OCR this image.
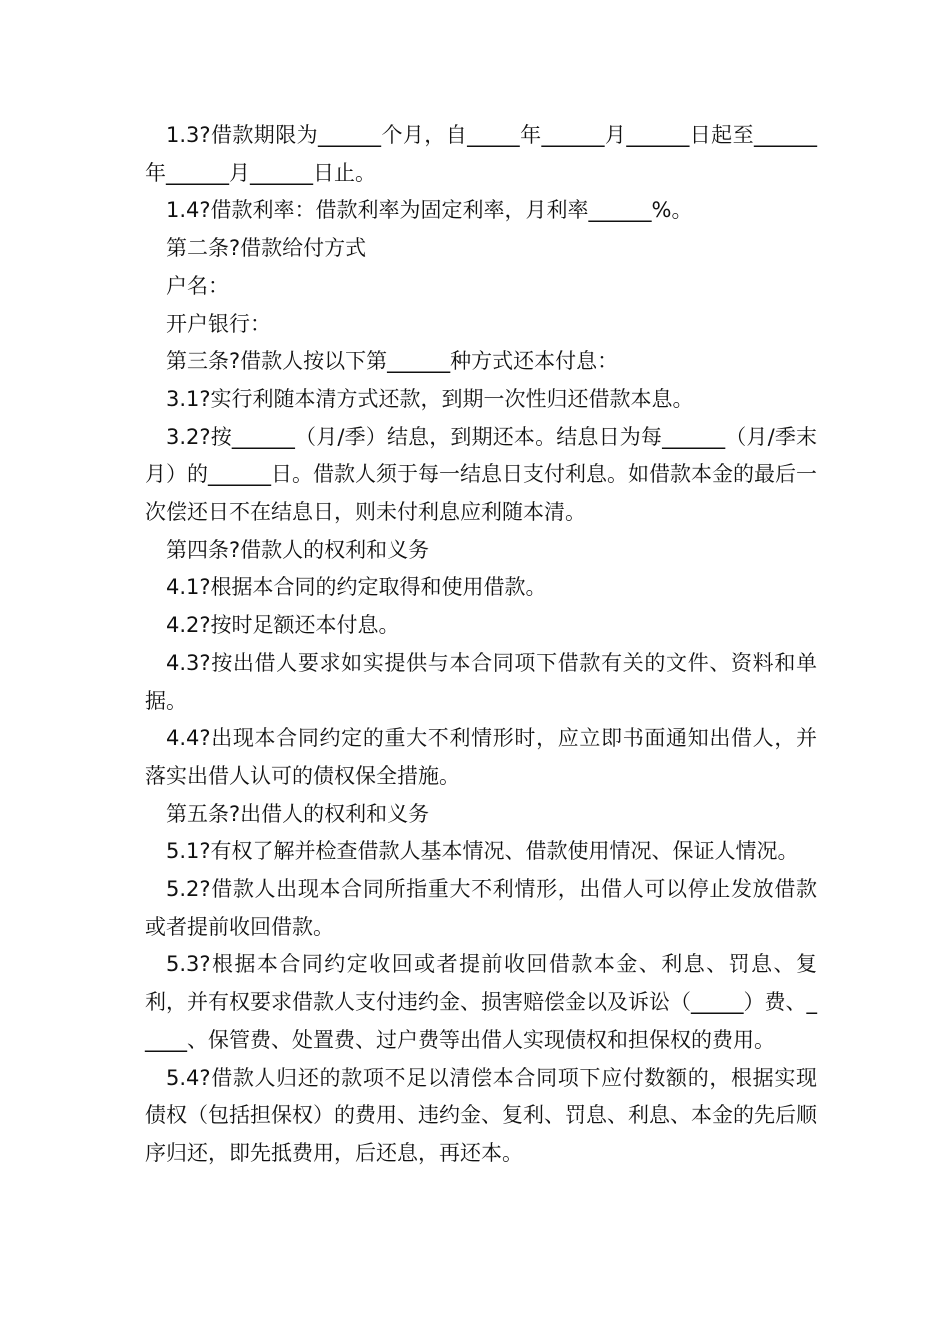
1.3?借款期限为______个月，自_____年______月______日起至______年______月______日止。

1.4?借款利率：借款利率为固定利率，月利率______%。

第二条?借款给付方式

户名：

开户银行：

第三条?借款人按以下第______种方式还本付息：

3.1?实行利随本清方式还款，到期一次性归还借款本息。

3.2?按______（月/季）结息，到期还本。结息日为每______（月/季末月）的______日。借款人须于每一结息日支付利息。如借款本金的最后一次偿还日不在结息日，则未付利息应利随本清。

第四条?借款人的权利和义务

4.1?根据本合同的约定取得和使用借款。

4.2?按时足额还本付息。

4.3?按出借人要求如实提供与本合同项下借款有关的文件、资料和单据。

4.4?出现本合同约定的重大不利情形时，应立即书面通知出借人，并落实出借人认可的债权保全措施。

第五条?出借人的权利和义务

5.1?有权了解并检查借款人基本情况、借款使用情况、保证人情况。

5.2?借款人出现本合同所指重大不利情形，出借人可以停止发放借款或者提前收回借款。

5.3?根据本合同约定收回或者提前收回借款本金、利息、罚息、复利，并有权要求借款人支付违约金、损害赔偿金以及诉讼（_____）费、_____、保管费、处置费、过户费等出借人实现债权和担保权的费用。

5.4?借款人归还的款项不足以清偿本合同项下应付数额的，根据实现债权（包括担保权）的费用、违约金、复利、罚息、利息、本金的先后顺序归还，即先抵费用，后还息，再还本。
